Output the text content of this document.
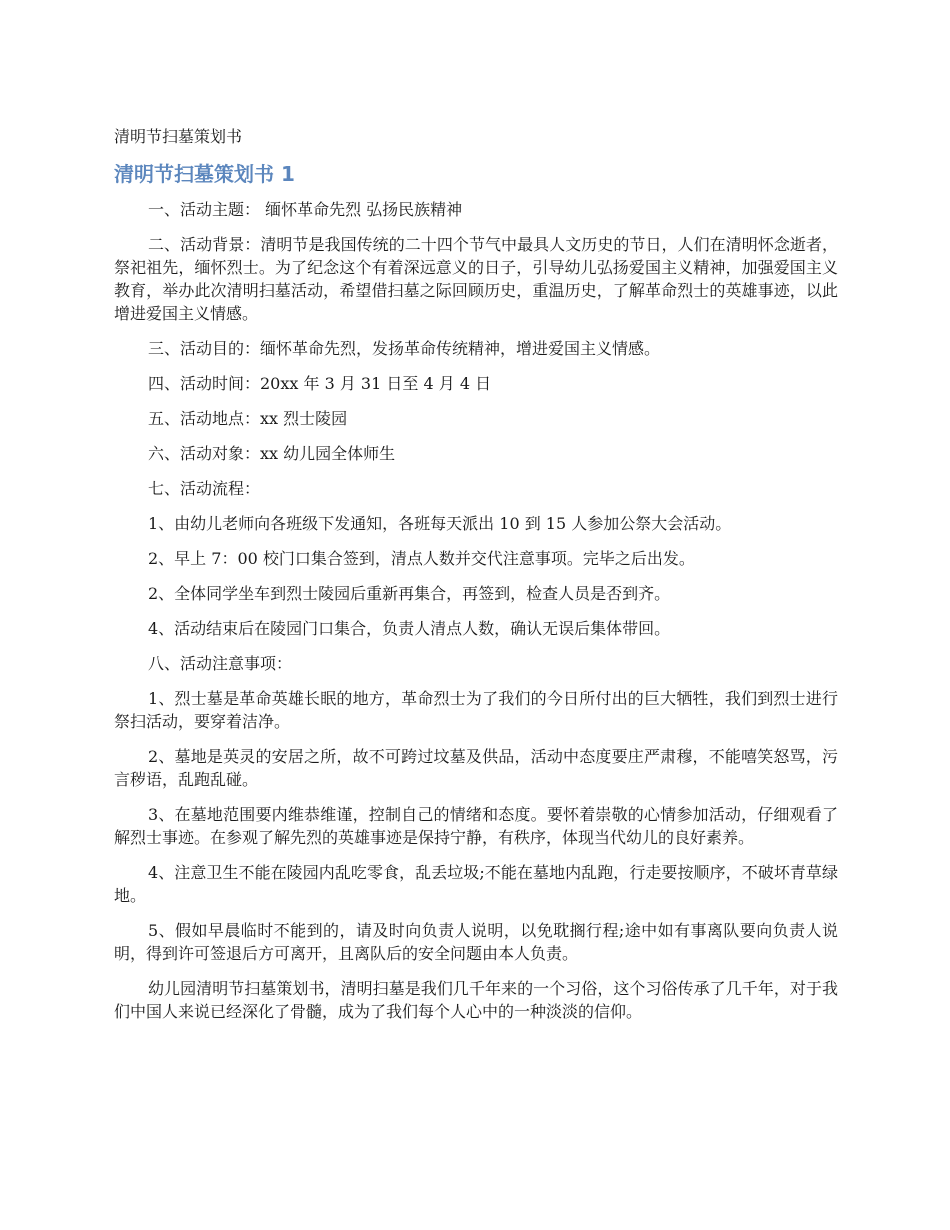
清明节扫墓策划书
清明节扫墓策划书 1

一、活动主题： 缅怀革命先烈 弘扬民族精神

二、活动背景：清明节是我国传统的二十四个节气中最具人文历史的节日，人们在清明怀念逝者，祭祀祖先，缅怀烈士。为了纪念这个有着深远意义的日子，引导幼儿弘扬爱国主义精神，加强爱国主义教育，举办此次清明扫墓活动，希望借扫墓之际回顾历史，重温历史，了解革命烈士的英雄事迹，以此增进爱国主义情感。

三、活动目的：缅怀革命先烈，发扬革命传统精神，增进爱国主义情感。

四、活动时间：20xx 年 3 月 31 日至 4 月 4 日

五、活动地点：xx 烈士陵园

六、活动对象：xx 幼儿园全体师生

七、活动流程：

1、由幼儿老师向各班级下发通知，各班每天派出 10 到 15 人参加公祭大会活动。

2、早上 7：00 校门口集合签到，清点人数并交代注意事项。完毕之后出发。

2、全体同学坐车到烈士陵园后重新再集合，再签到，检查人员是否到齐。

4、活动结束后在陵园门口集合，负责人清点人数，确认无误后集体带回。

八、活动注意事项：

1、烈士墓是革命英雄长眠的地方，革命烈士为了我们的今日所付出的巨大牺牲，我们到烈士进行祭扫活动，要穿着洁净。

2、墓地是英灵的安居之所，故不可跨过坟墓及供品，活动中态度要庄严肃穆，不能嘻笑怒骂，污言秽语，乱跑乱碰。

3、在墓地范围要内维恭维谨，控制自己的情绪和态度。要怀着崇敬的心情参加活动，仔细观看了解烈士事迹。在参观了解先烈的英雄事迹是保持宁静，有秩序，体现当代幼儿的良好素养。

4、注意卫生不能在陵园内乱吃零食，乱丢垃圾;不能在墓地内乱跑，行走要按顺序，不破坏青草绿地。

5、假如早晨临时不能到的，请及时向负责人说明，以免耽搁行程;途中如有事离队要向负责人说明，得到许可签退后方可离开，且离队后的安全问题由本人负责。

幼儿园清明节扫墓策划书，清明扫墓是我们几千年来的一个习俗，这个习俗传承了几千年，对于我们中国人来说已经深化了骨髓，成为了我们每个人心中的一种淡淡的信仰。
